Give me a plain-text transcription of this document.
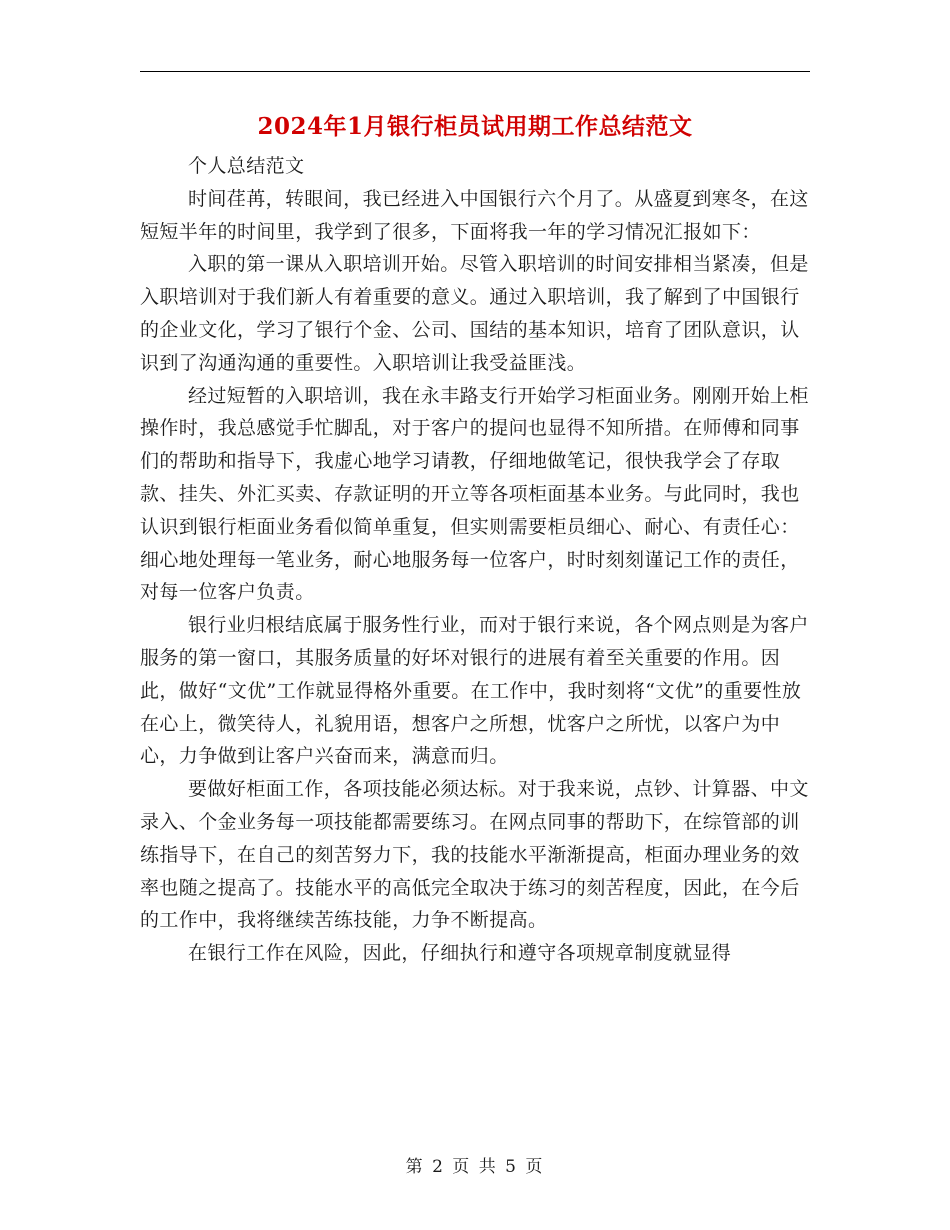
2024年1月银行柜员试用期工作总结范文

个人总结范文

时间荏苒，转眼间，我已经进入中国银行六个月了。从盛夏到寒冬，在这短短半年的时间里，我学到了很多，下面将我一年的学习情况汇报如下：

入职的第一课从入职培训开始。尽管入职培训的时间安排相当紧凑，但是入职培训对于我们新人有着重要的意义。通过入职培训，我了解到了中国银行的企业文化，学习了银行个金、公司、国结的基本知识，培育了团队意识，认识到了沟通沟通的重要性。入职培训让我受益匪浅。

经过短暂的入职培训，我在永丰路支行开始学习柜面业务。刚刚开始上柜操作时，我总感觉手忙脚乱，对于客户的提问也显得不知所措。在师傅和同事们的帮助和指导下，我虚心地学习请教，仔细地做笔记，很快我学会了存取款、挂失、外汇买卖、存款证明的开立等各项柜面基本业务。与此同时，我也认识到银行柜面业务看似简单重复，但实则需要柜员细心、耐心、有责任心：细心地处理每一笔业务，耐心地服务每一位客户，时时刻刻谨记工作的责任，对每一位客户负责。

银行业归根结底属于服务性行业，而对于银行来说，各个网点则是为客户服务的第一窗口，其服务质量的好坏对银行的进展有着至关重要的作用。因此，做好“文优”工作就显得格外重要。在工作中，我时刻将“文优”的重要性放在心上，微笑待人，礼貌用语，想客户之所想，忧客户之所忧，以客户为中心，力争做到让客户兴奋而来，满意而归。

要做好柜面工作，各项技能必须达标。对于我来说，点钞、计算器、中文录入、个金业务每一项技能都需要练习。在网点同事的帮助下，在综管部的训练指导下，在自己的刻苦努力下，我的技能水平渐渐提高，柜面办理业务的效率也随之提高了。技能水平的高低完全取决于练习的刻苦程度，因此，在今后的工作中，我将继续苦练技能，力争不断提高。

在银行工作在风险，因此，仔细执行和遵守各项规章制度就显得

第 2 页 共 5 页
